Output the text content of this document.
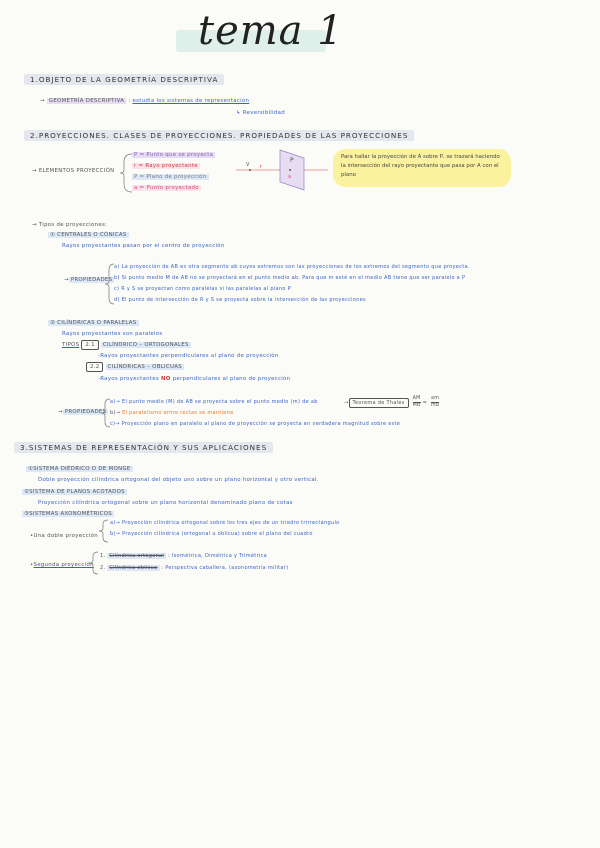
tema 1
1.OBJETO DE LA GEOMETRÍA DESCRIPTIVA
→ GEOMETRÍA DESCRIPTIVA : estudia los sistemas de representación
↳ Reversibilidad
2.PROYECCIONES. CLASES DE PROYECCIONES. PROPIEDADES DE LAS PROYECCIONES
→ ELEMENTOS PROYECCIÓN
P = Punto que se proyecta
r = Rayo proyectante
P = Plano de proyección
a = Punto proyectado
V r
P
a
Para hallar la proyección de A sobre P, se trazará haciendo la intersección del rayo proyectante que pasa por A con el plano
→ Tipos de proyecciones:
① CENTRALES O CÓNICAS
Rayos proyectantes pasan por el centro de proyección
→ PROPIEDADES
a) La proyección de AB es otra segmento ab cuyos extremos son las proyecciones de los extremos del segmento que proyecta.
b) Si punto medio M de AB no se proyectará en el punto medio ab. Para que m esté en el medio AB tiene que ser paralelo a P
c) R y S se proyectan como paralelas si las paralelas al plano P
d) El punto de intersección de R y S se proyecta sobre la intersección de las proyecciones
② CILÍNDRICAS O PARALELAS
Rayos proyectantes son paralelos
TIPOS 2.1 CILÍNDRICO – ORTOGONALES
-Rayos proyectantes perpendiculares al plano de proyección
2.2 CILÍNDRICAS – OBLICUAS
-Rayos proyectantes NO perpendiculares al plano de proyección
→ PROPIEDADES
a)→ El punto medio (M) de AB se proyecta sobre el punto medio (m) de ab
b)→ El paralelismo entre rectas se mantiene
c)→ Proyección plano en paralelo al plano de proyección se proyecta en verdadera magnitud sobre este
→ Teorema de Thales $\frac{AM}{MB} = \frac{am}{mb}$
3.SISTEMAS DE REPRESENTACIÓN Y SUS APLICACIONES
①SISTEMA DIÉDRICO O DE MONGE
Doble proyección cilíndrica ortogonal del objeto uno sobre un plano horizontal y otro vertical.
②SISTEMA DE PLANOS ACOTADOS
Proyección cilíndrica ortogonal sobre un plano horizontal denominado plano de cotas
③SISTEMAS AXONOMÉTRICOS
•Una doble proyección
a)→ Proyección cilíndrica ortogonal sobre los tres ejes de un triedro trirrectángulo
b)→ Proyección cilíndrica (ortogonal u oblicua) sobre el plano del cuadro
•Segunda proyección
1. Cilíndrica ortogonal : Isométrica, Dimétrica y Trimétrica
2. Cilíndrica oblicua : Perspectiva caballera, (axonometría militar)
